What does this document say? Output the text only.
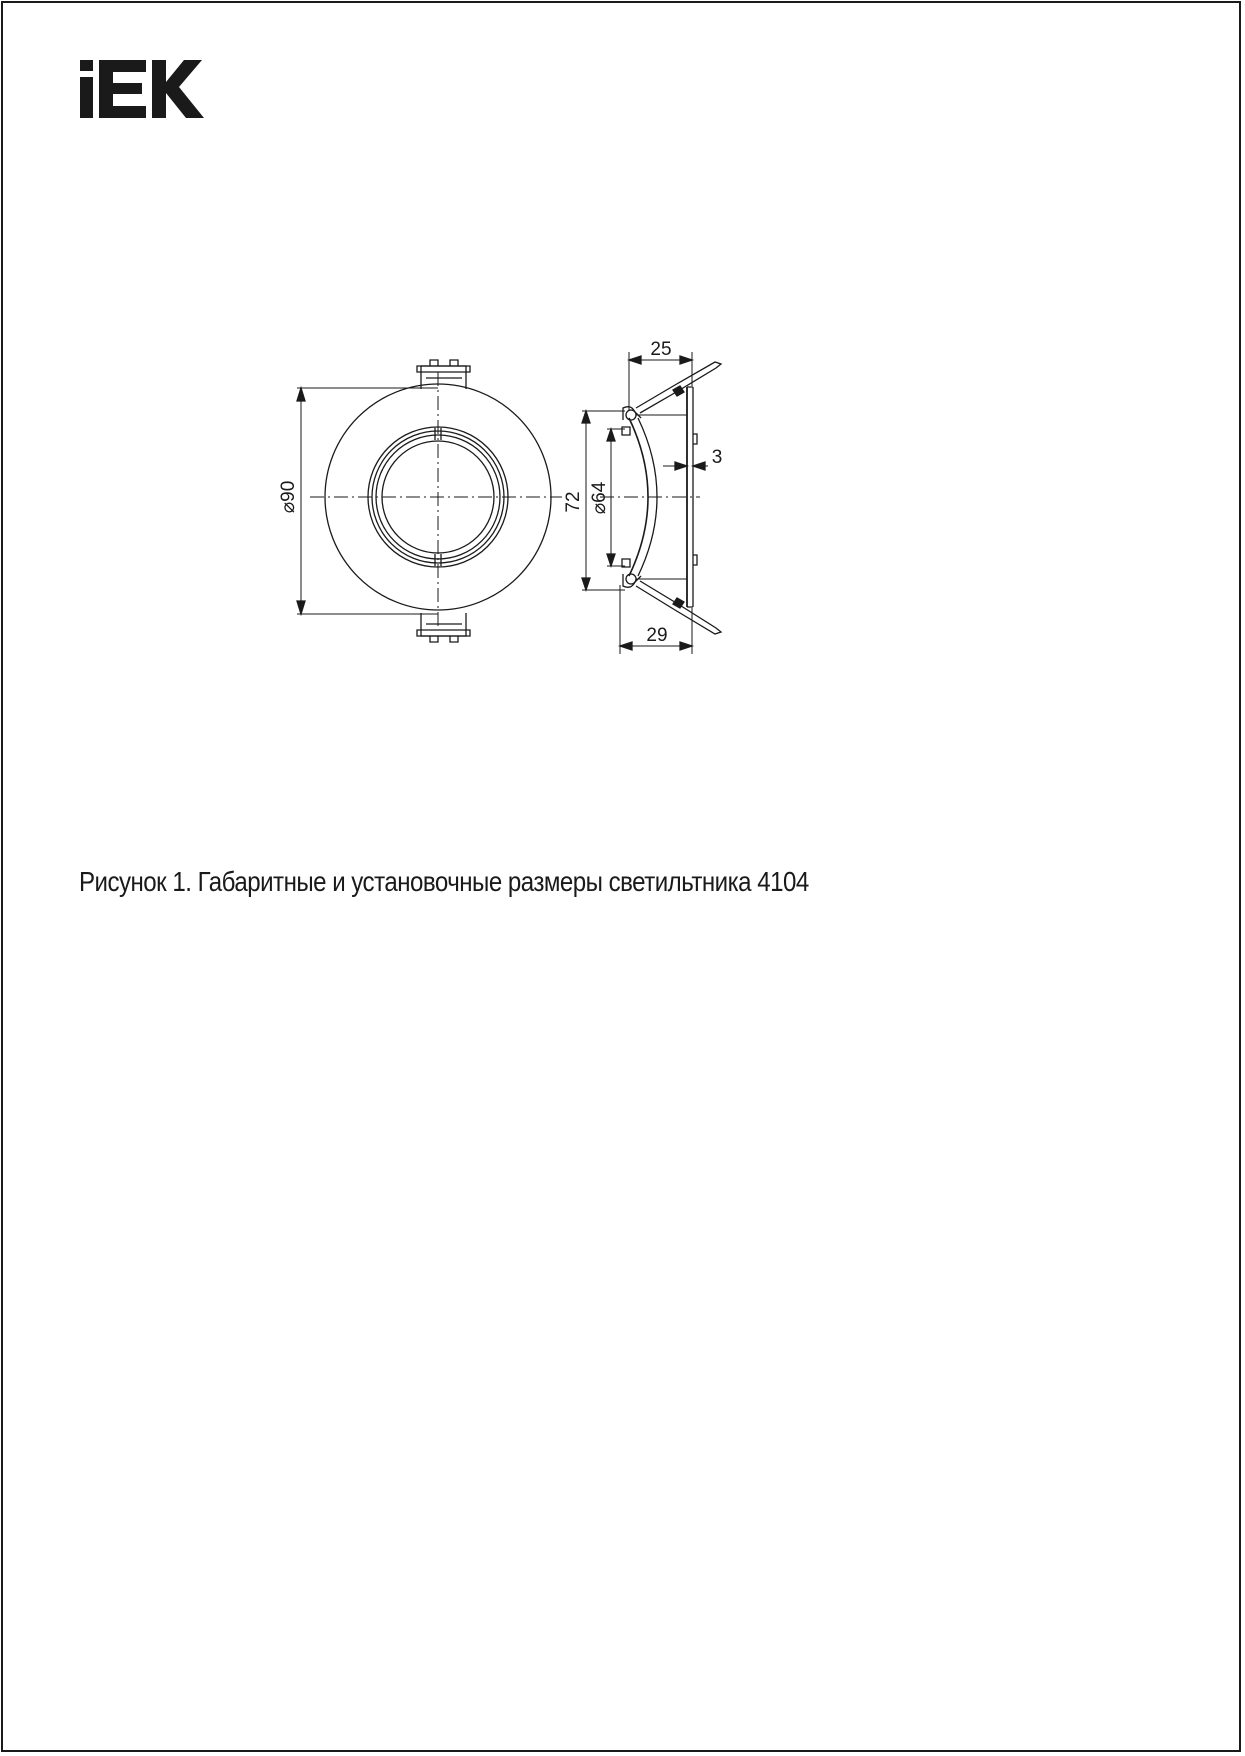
⌀90
25
29
72 ⌀64
3
Рисунок 1. Габаритные и установочные размеры светильтника 4104
